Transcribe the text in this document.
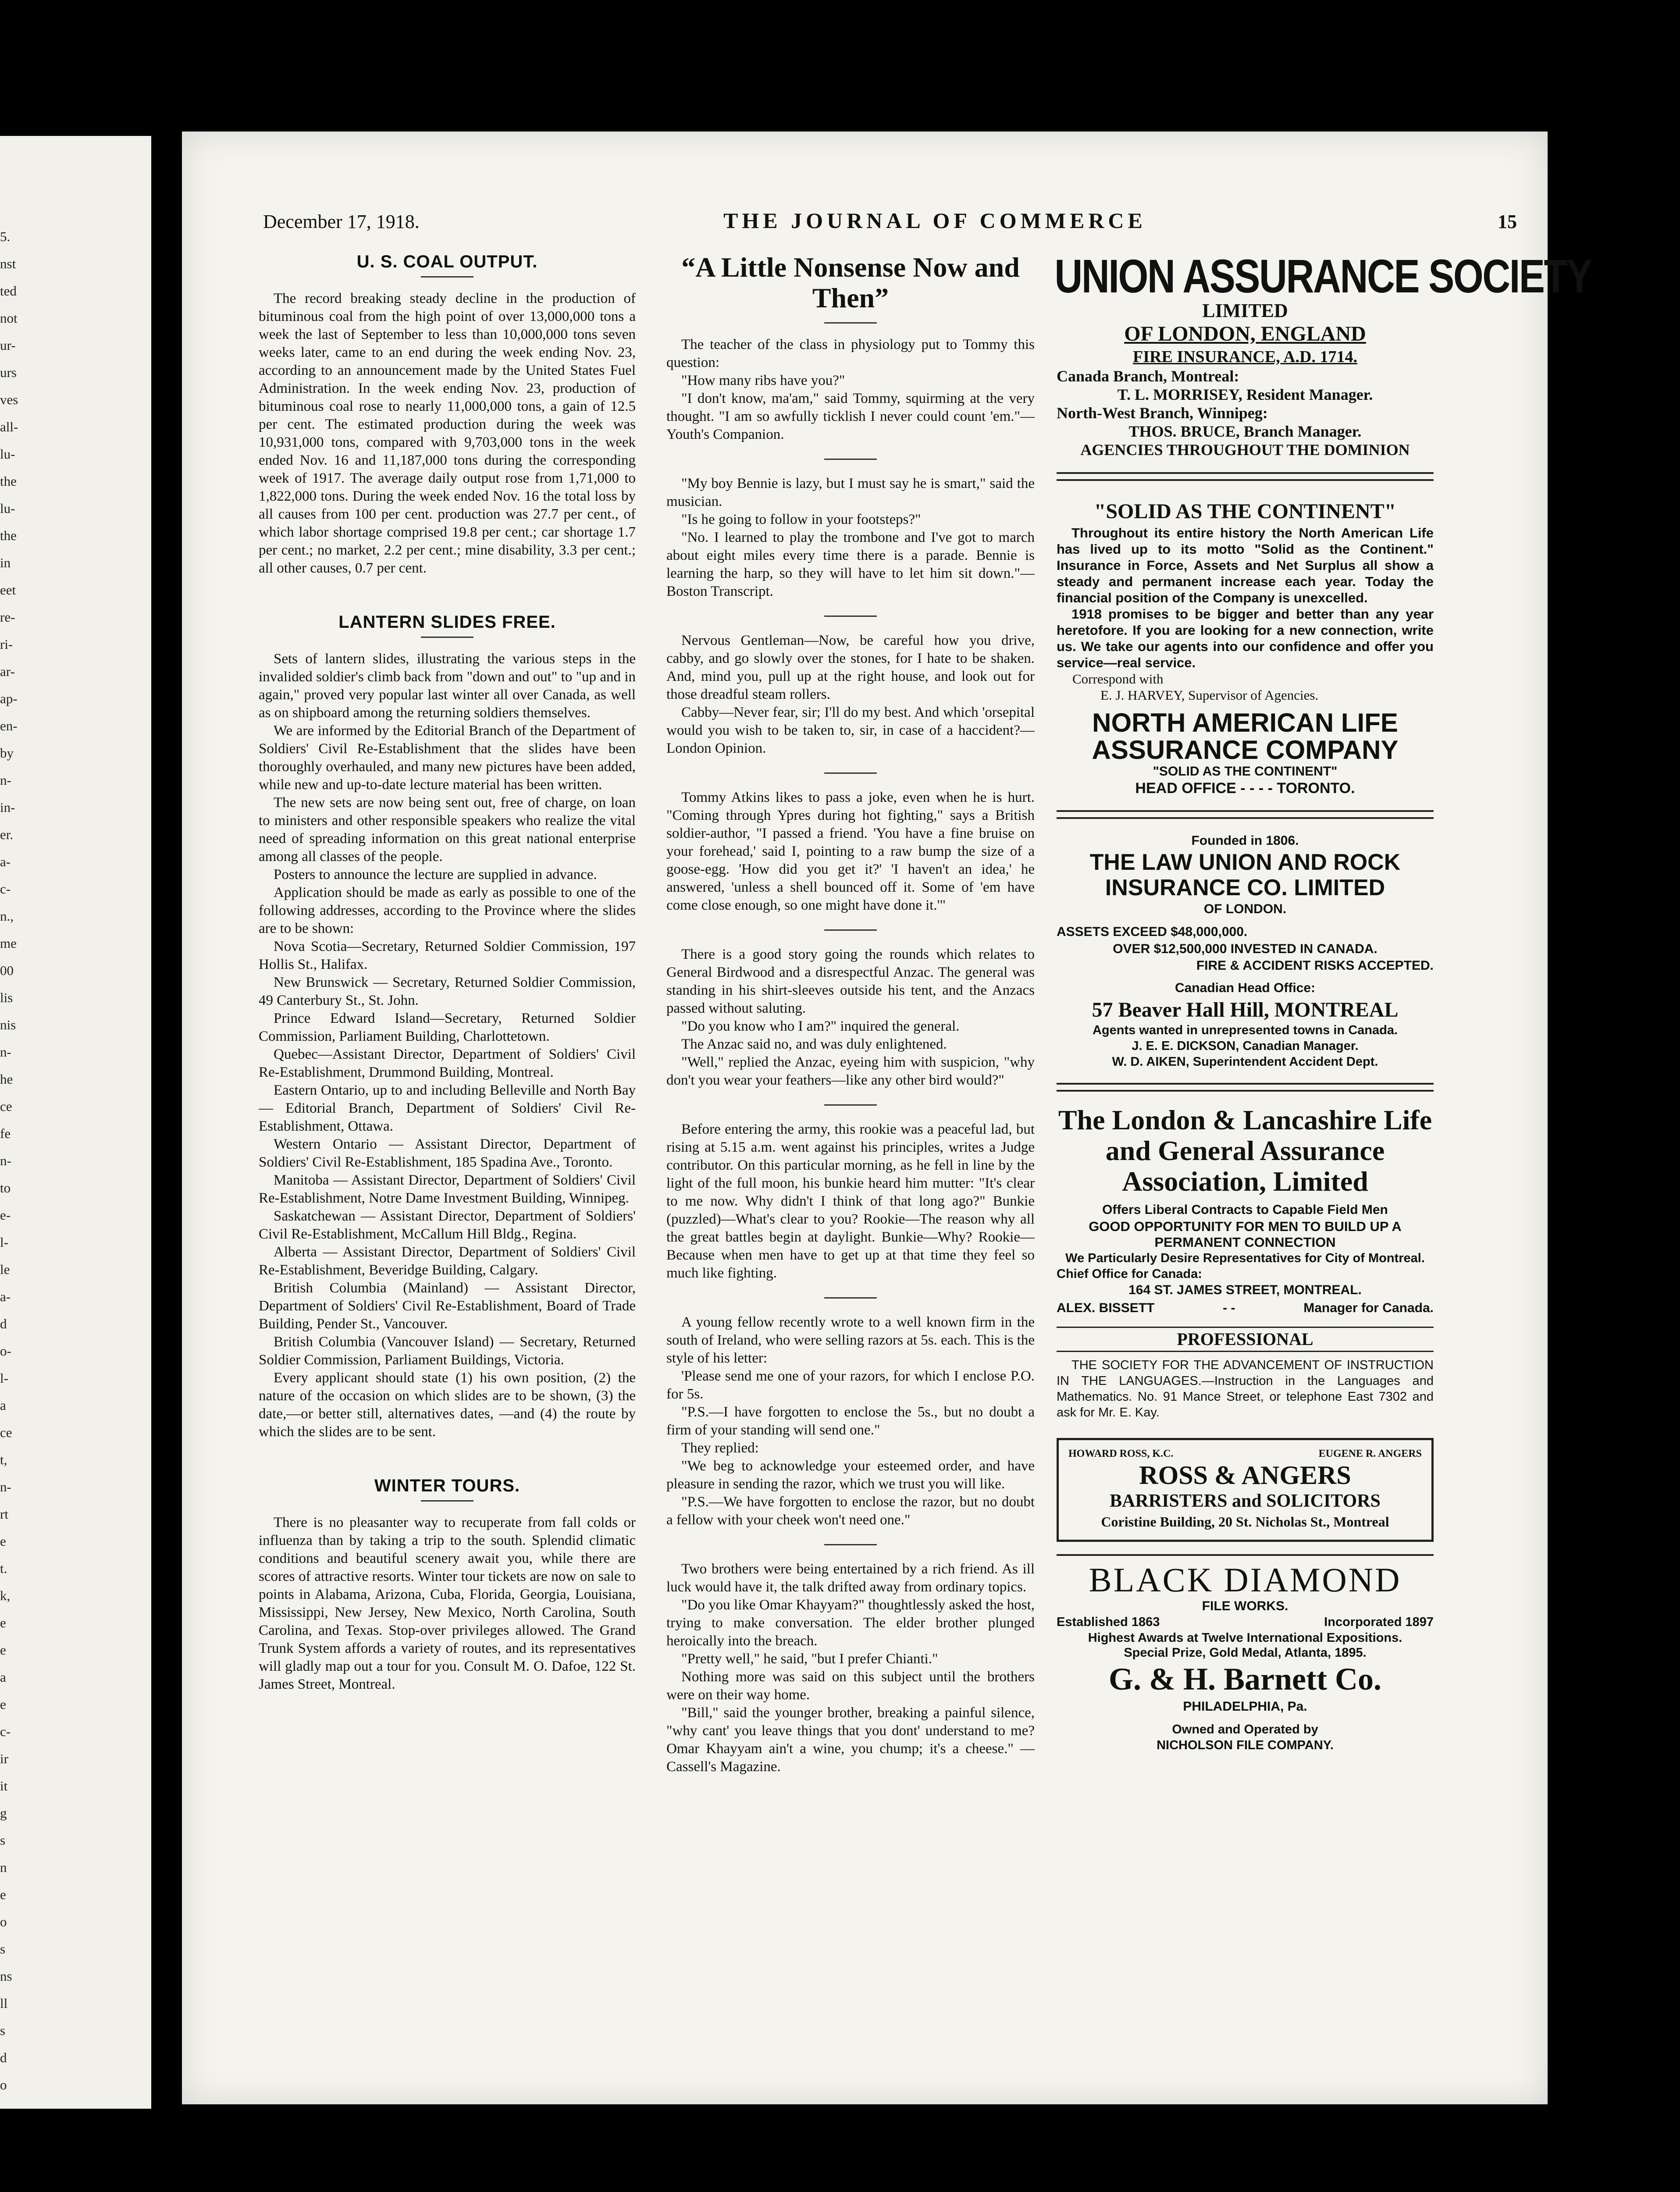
5.
nst
ted
not
ur-
urs
ves
all-
lu-
the
lu-
the
in
eet
re-
ri-
ar-
ap-
en-
by
n-
in-
er.
a-
c-
n.,
me
00
lis
nis
n-
he
ce
fe
n-
to
e-
l-
le
a-
d
o-
l-
a
ce
t,
n-
rt
e
t.
k,
e
e
a
e
c-
ir
it
g
s
n
e
o
s
ns
ll
s
d
o
December 17, 1918.	THE JOURNAL OF COMMERCE	15
U. S. COAL OUTPUT.

The record breaking steady decline in the production of bituminous coal from the high point of over 13,000,000 tons a week the last of September to less than 10,000,000 tons seven weeks later, came to an end during the week ending Nov. 23, according to an announcement made by the United States Fuel Administration. In the week ending Nov. 23, production of bituminous coal rose to nearly 11,000,000 tons, a gain of 12.5 per cent. The estimated production during the week was 10,931,000 tons, compared with 9,703,000 tons in the week ended Nov. 16 and 11,187,000 tons during the corresponding week of 1917. The average daily output rose from 1,71,000 to 1,822,000 tons. During the week ended Nov. 16 the total loss by all causes from 100 per cent. production was 27.7 per cent., of which labor shortage comprised 19.8 per cent.; car shortage 1.7 per cent.; no market, 2.2 per cent.; mine disability, 3.3 per cent.; all other causes, 0.7 per cent.

LANTERN SLIDES FREE.

Sets of lantern slides, illustrating the various steps in the invalided soldier's climb back from "down and out" to "up and in again," proved very popular last winter all over Canada, as well as on shipboard among the returning soldiers themselves.

We are informed by the Editorial Branch of the Department of Soldiers' Civil Re-Establishment that the slides have been thoroughly overhauled, and many new pictures have been added, while new and up-to-date lecture material has been written.

The new sets are now being sent out, free of charge, on loan to ministers and other responsible speakers who realize the vital need of spreading information on this great national enterprise among all classes of the people.

Posters to announce the lecture are supplied in advance.

Application should be made as early as possible to one of the following addresses, according to the Province where the slides are to be shown:

Nova Scotia—Secretary, Returned Soldier Commission, 197 Hollis St., Halifax.

New Brunswick — Secretary, Returned Soldier Commission, 49 Canterbury St., St. John.

Prince Edward Island—Secretary, Returned Soldier Commission, Parliament Building, Charlottetown.

Quebec—Assistant Director, Department of Soldiers' Civil Re-Establishment, Drummond Building, Montreal.

Eastern Ontario, up to and including Belleville and North Bay — Editorial Branch, Department of Soldiers' Civil Re-Establishment, Ottawa.

Western Ontario — Assistant Director, Department of Soldiers' Civil Re-Establishment, 185 Spadina Ave., Toronto.

Manitoba — Assistant Director, Department of Soldiers' Civil Re-Establishment, Notre Dame Investment Building, Winnipeg.

Saskatchewan — Assistant Director, Department of Soldiers' Civil Re-Establishment, McCallum Hill Bldg., Regina.

Alberta — Assistant Director, Department of Soldiers' Civil Re-Establishment, Beveridge Building, Calgary.

British Columbia (Mainland) — Assistant Director, Department of Soldiers' Civil Re-Establishment, Board of Trade Building, Pender St., Vancouver.

British Columbia (Vancouver Island) — Secretary, Returned Soldier Commission, Parliament Buildings, Victoria.

Every applicant should state (1) his own position, (2) the nature of the occasion on which slides are to be shown, (3) the date,—or better still, alternatives dates, —and (4) the route by which the slides are to be sent.

WINTER TOURS.

There is no pleasanter way to recuperate from fall colds or influenza than by taking a trip to the south. Splendid climatic conditions and beautiful scenery await you, while there are scores of attractive resorts. Winter tour tickets are now on sale to points in Alabama, Arizona, Cuba, Florida, Georgia, Louisiana, Mississippi, New Jersey, New Mexico, North Carolina, South Carolina, and Texas. Stop-over privileges allowed. The Grand Trunk System affords a variety of routes, and its representatives will gladly map out a tour for you. Consult M. O. Dafoe, 122 St. James Street, Montreal.

“A Little Nonsense Now and Then”

The teacher of the class in physiology put to Tommy this question:

"How many ribs have you?"

"I don't know, ma'am," said Tommy, squirming at the very thought. "I am so awfully ticklish I never could count 'em."—Youth's Companion.

"My boy Bennie is lazy, but I must say he is smart," said the musician.

"Is he going to follow in your footsteps?"

"No. I learned to play the trombone and I've got to march about eight miles every time there is a parade. Bennie is learning the harp, so they will have to let him sit down."—Boston Transcript.

Nervous Gentleman—Now, be careful how you drive, cabby, and go slowly over the stones, for I hate to be shaken. And, mind you, pull up at the right house, and look out for those dreadful steam rollers.

Cabby—Never fear, sir; I'll do my best. And which 'orsepital would you wish to be taken to, sir, in case of a haccident?—London Opinion.

Tommy Atkins likes to pass a joke, even when he is hurt. "Coming through Ypres during hot fighting," says a British soldier-author, "I passed a friend. 'You have a fine bruise on your forehead,' said I, pointing to a raw bump the size of a goose-egg. 'How did you get it?' 'I haven't an idea,' he answered, 'unless a shell bounced off it. Some of 'em have come close enough, so one might have done it.'"

There is a good story going the rounds which relates to General Birdwood and a disrespectful Anzac. The general was standing in his shirt-sleeves outside his tent, and the Anzacs passed without saluting.

"Do you know who I am?" inquired the general.

The Anzac said no, and was duly enlightened.

"Well," replied the Anzac, eyeing him with suspicion, "why don't you wear your feathers—like any other bird would?"

Before entering the army, this rookie was a peaceful lad, but rising at 5.15 a.m. went against his principles, writes a Judge contributor. On this particular morning, as he fell in line by the light of the full moon, his bunkie heard him mutter: "It's clear to me now. Why didn't I think of that long ago?" Bunkie (puzzled)—What's clear to you? Rookie—The reason why all the great battles begin at daylight. Bunkie—Why? Rookie—Because when men have to get up at that time they feel so much like fighting.

A young fellow recently wrote to a well known firm in the south of Ireland, who were selling razors at 5s. each. This is the style of his letter:

'Please send me one of your razors, for which I enclose P.O. for 5s.

"P.S.—I have forgotten to enclose the 5s., but no doubt a firm of your standing will send one."

They replied:

"We beg to acknowledge your esteemed order, and have pleasure in sending the razor, which we trust you will like.

"P.S.—We have forgotten to enclose the razor, but no doubt a fellow with your cheek won't need one."

Two brothers were being entertained by a rich friend. As ill luck would have it, the talk drifted away from ordinary topics.

"Do you like Omar Khayyam?" thoughtlessly asked the host, trying to make conversation. The elder brother plunged heroically into the breach.

"Pretty well," he said, "but I prefer Chianti."

Nothing more was said on this subject until the brothers were on their way home.

"Bill," said the younger brother, breaking a painful silence, "why cant' you leave things that you dont' understand to me? Omar Khayyam ain't a wine, you chump; it's a cheese." — Cassell's Magazine.

UNION ASSURANCE SOCIETY
LIMITED
OF LONDON, ENGLAND
FIRE INSURANCE, A.D. 1714.
Canada Branch, Montreal:
T. L. MORRISEY, Resident Manager.
North-West Branch, Winnipeg:
THOS. BRUCE, Branch Manager.
AGENCIES THROUGHOUT THE DOMINION
"SOLID AS THE CONTINENT"

Throughout its entire history the North American Life has lived up to its motto "Solid as the Continent." Insurance in Force, Assets and Net Surplus all show a steady and permanent increase each year. Today the financial position of the Company is unexcelled.

1918 promises to be bigger and better than any year heretofore. If you are looking for a new connection, write us. We take our agents into our confidence and offer you service—real service.

Correspond with
E. J. HARVEY, Supervisor of Agencies.
NORTH AMERICAN LIFE ASSURANCE COMPANY
"SOLID AS THE CONTINENT"
HEAD OFFICE - - - - TORONTO.
Founded in 1806.
THE LAW UNION AND ROCK INSURANCE CO. LIMITED
OF LONDON.
ASSETS EXCEED $48,000,000.
OVER $12,500,000 INVESTED IN CANADA.
FIRE & ACCIDENT RISKS ACCEPTED.
Canadian Head Office:
57 Beaver Hall Hill, MONTREAL
Agents wanted in unrepresented towns in Canada.
J. E. E. DICKSON, Canadian Manager.
W. D. AIKEN, Superintendent Accident Dept.
The London & Lancashire Life and General Assurance Association, Limited
Offers Liberal Contracts to Capable Field Men
GOOD OPPORTUNITY FOR MEN TO BUILD UP A PERMANENT CONNECTION
We Particularly Desire Representatives for City of Montreal.
Chief Office for Canada:
164 ST. JAMES STREET, MONTREAL.
ALEX. BISSETT	- -	Manager for Canada.
PROFESSIONAL

THE SOCIETY FOR THE ADVANCEMENT OF INSTRUCTION IN THE LANGUAGES.—Instruction in the Languages and Mathematics. No. 91 Mance Street, or telephone East 7302 and ask for Mr. E. Kay.

HOWARD ROSS, K.C.	EUGENE R. ANGERS
ROSS & ANGERS
BARRISTERS and SOLICITORS
Coristine Building, 20 St. Nicholas St., Montreal
BLACK DIAMOND
FILE WORKS.
Established 1863	Incorporated 1897
Highest Awards at Twelve International Expositions.
Special Prize, Gold Medal, Atlanta, 1895.
G. & H. Barnett Co.
PHILADELPHIA, Pa.
Owned and Operated by
NICHOLSON FILE COMPANY.
